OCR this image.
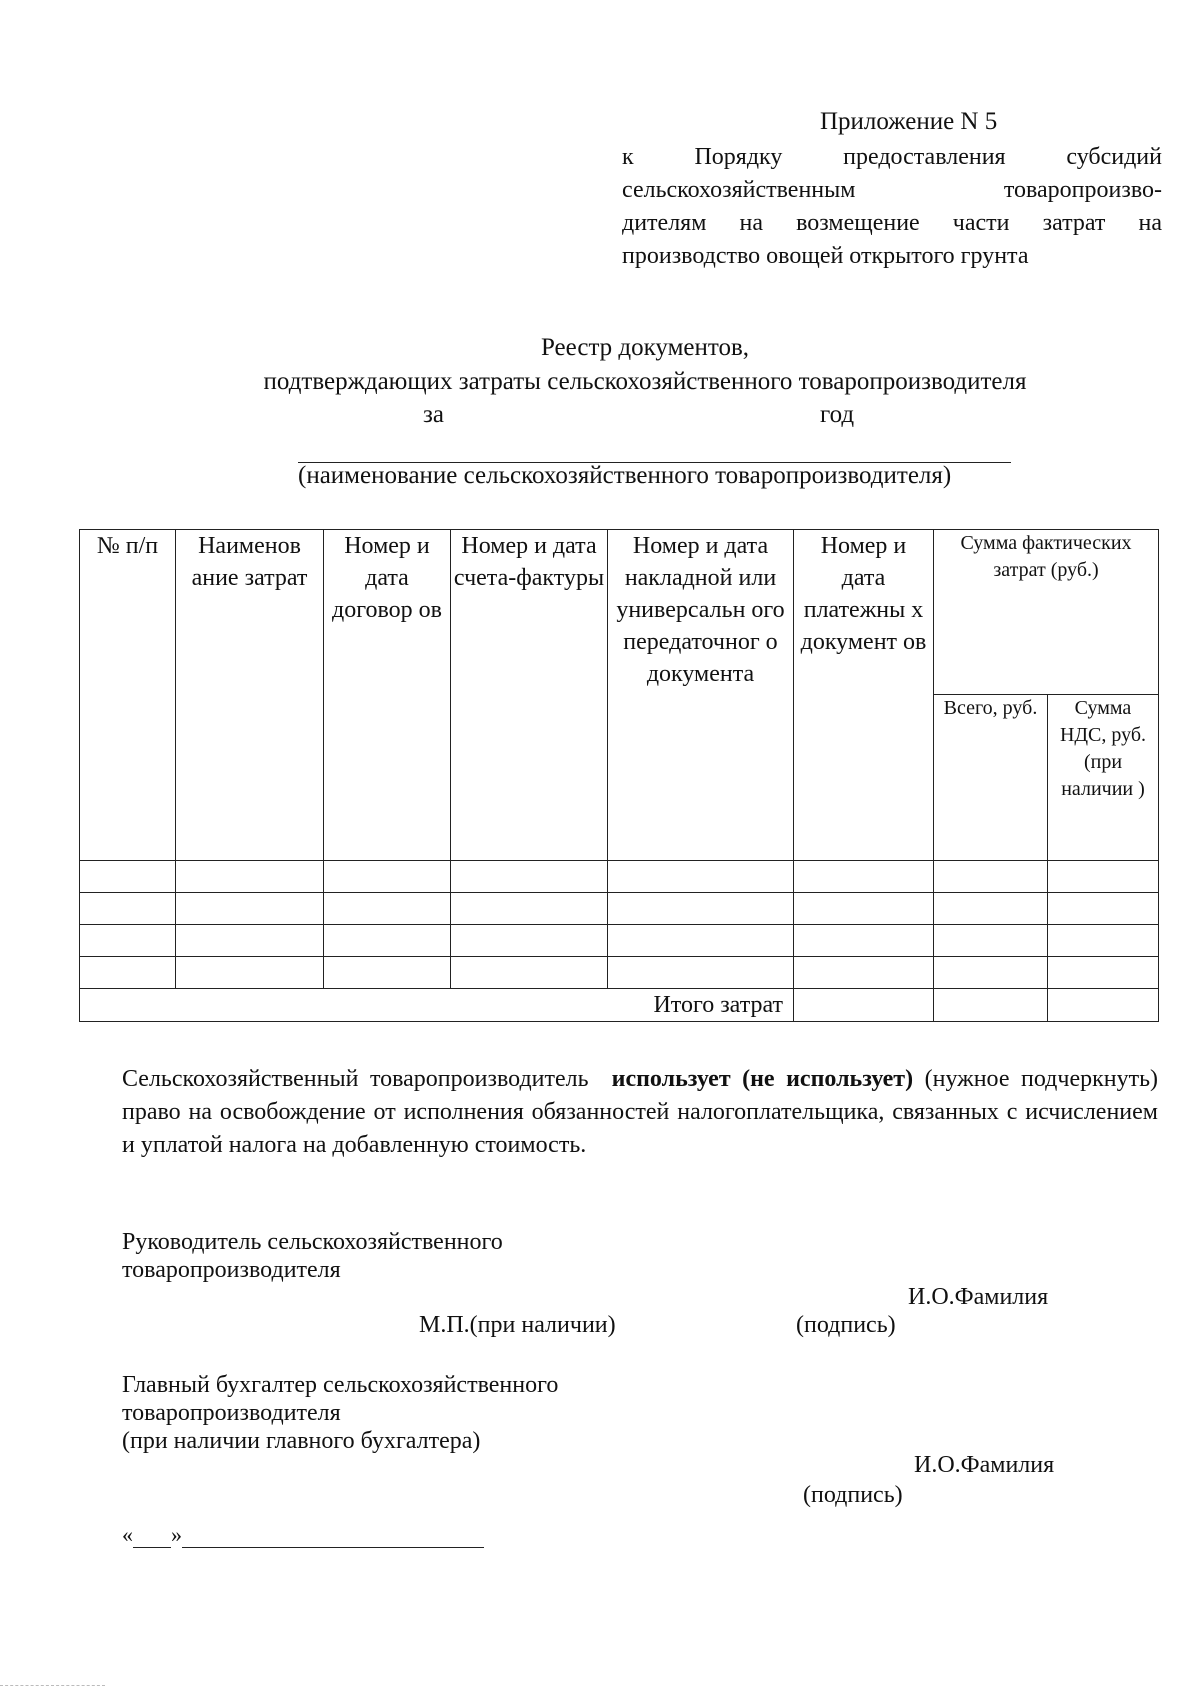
Приложение N 5
к Порядку предоставления субсидий
сельскохозяйственным товаропроизво-
дителям на возмещение части затрат на
производство овощей открытого грунта
Реестр документов,
подтверждающих затраты сельскохозяйственного товаропроизводителя
за	год
(наименование сельскохозяйственного товаропроизводителя)
№ п/п	Наименов ание затрат	Номер и дата договор ов	Номер и дата счета-фактуры	Номер и дата накладной или универсальн ого передаточног о документа	Номер и дата платежны х документ ов	Сумма фактических затрат (руб.)	
						Всего, руб.	Сумма НДС, руб. (при наличии )

Итого затрат							
Сельскохозяйственный товаропроизводитель использует (не использует) (нужное подчеркнуть) право на освобождение от исполнения обязанностей налогоплательщика, связанных с исчислением и уплатой налога на добавленную стоимость.
Руководитель сельскохозяйственного
товаропроизводителя
И.О.Фамилия
М.П.(при наличии)	(подпись)
Главный бухгалтер сельскохозяйственного
товаропроизводителя
(при наличии главного бухгалтера)
И.О.Фамилия
(подпись)
« »
